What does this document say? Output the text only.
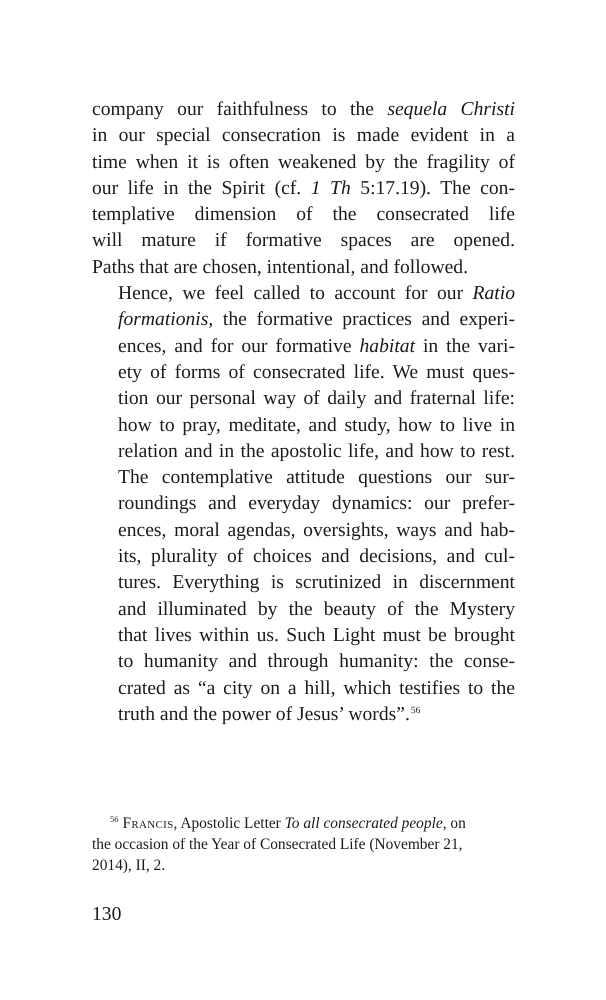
company our faithfulness to the sequela Christi
in our special consecration is made evident in a
time when it is often weakened by the fragility of
our life in the Spirit (cf. 1 Th 5:17.19). The con-
templative dimension of the consecrated life
will mature if formative spaces are opened.
Paths that are chosen, intentional, and followed.

Hence, we feel called to account for our Ratio
formationis, the formative practices and experi-
ences, and for our formative habitat in the vari-
ety of forms of consecrated life. We must ques-
tion our personal way of daily and fraternal life:
how to pray, meditate, and study, how to live in
relation and in the apostolic life, and how to rest.
The contemplative attitude questions our sur-
roundings and everyday dynamics: our prefer-
ences, moral agendas, oversights, ways and hab-
its, plurality of choices and decisions, and cul-
tures. Everything is scrutinized in discernment
and illuminated by the beauty of the Mystery
that lives within us. Such Light must be brought
to humanity and through humanity: the conse-
crated as “a city on a hill, which testifies to the
truth and the power of Jesus’ words”.$^{56}$

$^{56}$ Francis, Apostolic Letter To all consecrated people, on
the occasion of the Year of Consecrated Life (November 21,
2014), II, 2.
130
